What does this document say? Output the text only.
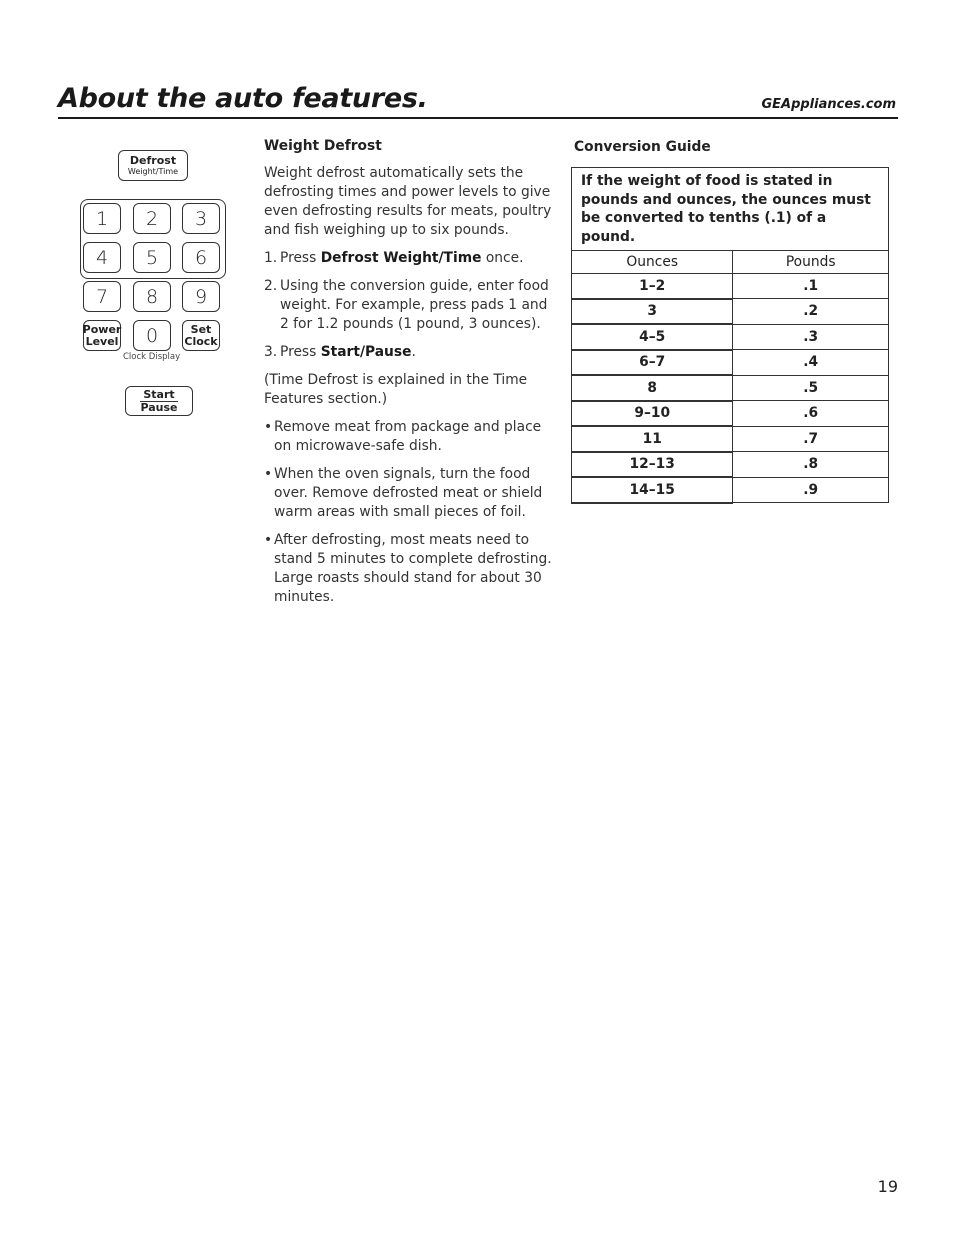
About the auto features.	GEAppliances.com
Defrost
Weight/Time
1	2	3
4	5	6
7	8	9
Power
Level	0	Set
Clock
Clock Display
Start
Pause

Weight Defrost

Weight defrost automatically sets the defrosting times and power levels to give even defrosting results for meats, poultry and fish weighing up to six pounds.

1. Press Defrost Weight/Time once.
2. Using the conversion guide, enter food weight. For example, press pads 1 and 2 for 1.2 pounds (1 pound, 3 ounces).
3. Press Start/Pause.

(Time Defrost is explained in the Time Features section.)

• Remove meat from package and place on microwave-safe dish.
• When the oven signals, turn the food over. Remove defrosted meat or shield warm areas with small pieces of foil.
• After defrosting, most meats need to stand 5 minutes to complete defrosting. Large roasts should stand for about 30 minutes.
Conversion Guide
If the weight of food is stated in pounds and ounces, the ounces must be converted to tenths (.1) of a pound.	
Ounces	Pounds
1–2	.1
3	.2
4–5	.3
6–7	.4
8	.5
9–10	.6
11	.7
12–13	.8
14–15	.9
19
